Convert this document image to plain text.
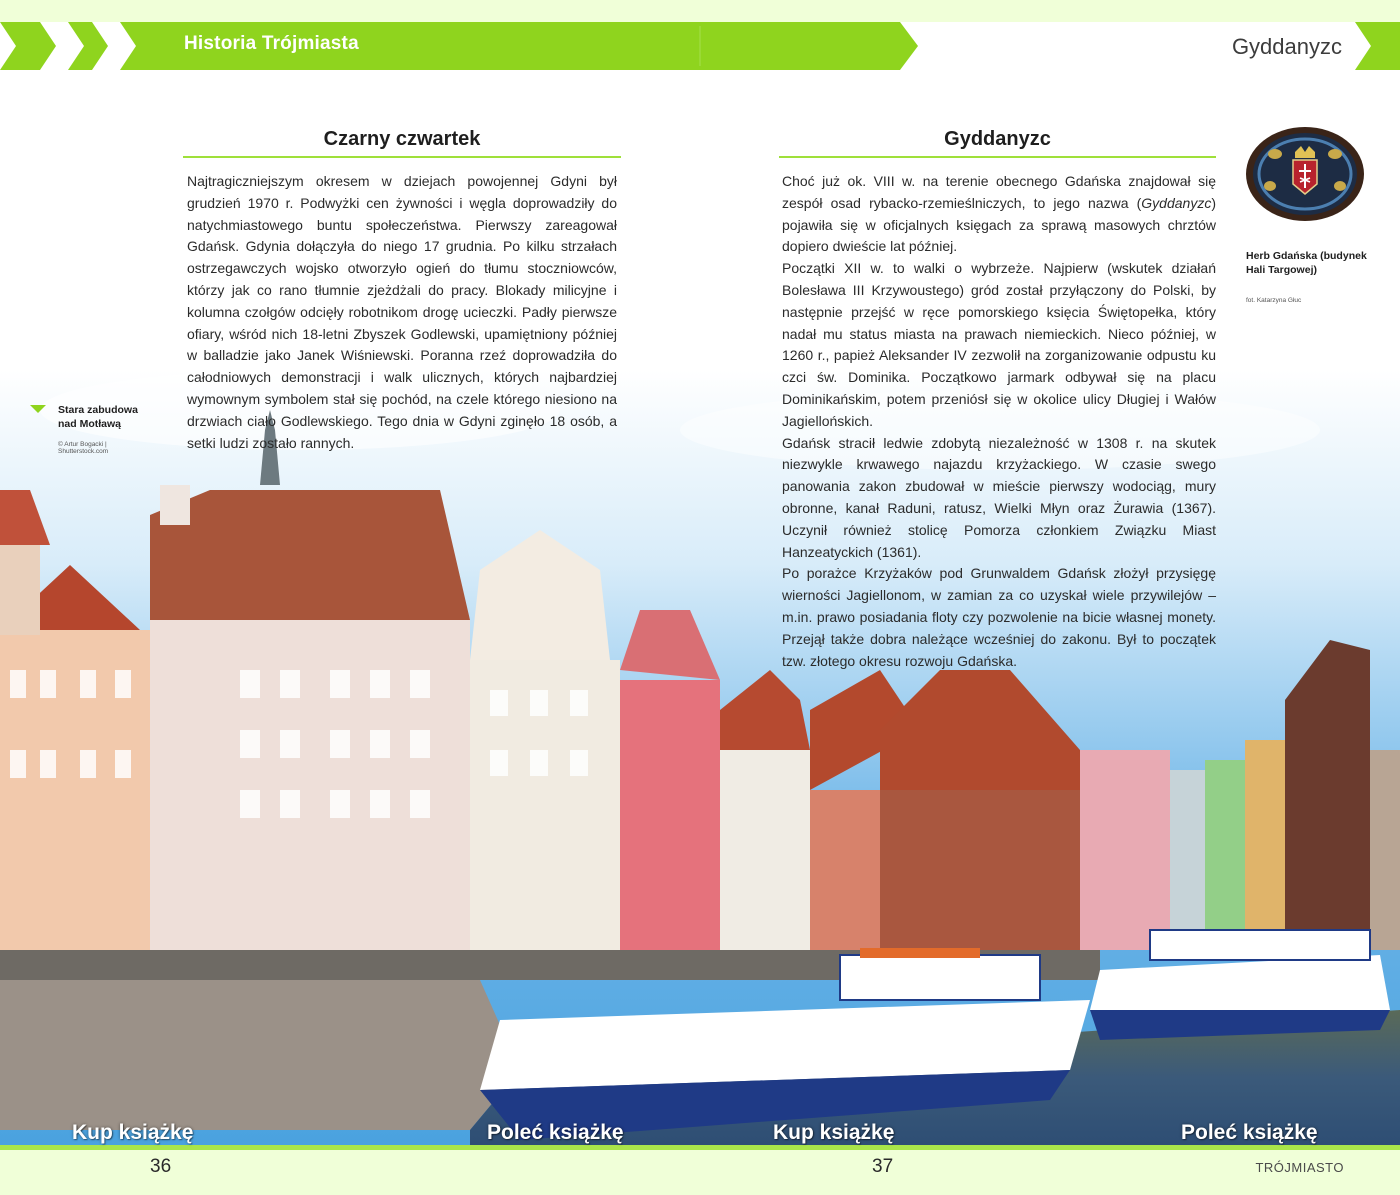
Historia Trójmiasta	Gyddanyzc
Czarny czwartek

Najtragiczniejszym okresem w dziejach powojennej Gdyni był grudzień 1970 r. Podwyżki cen żywności i węgla doprowadziły do natychmiastowego buntu społeczeństwa. Pierwszy zareagował Gdańsk. Gdynia dołączyła do niego 17 grudnia. Po kilku strzałach ostrzegawczych wojsko otworzyło ogień do tłumu stoczniowców, którzy jak co rano tłumnie zjeżdżali do pracy. Blokady milicyjne i kolumna czołgów odcięły robotnikom drogę ucieczki. Padły pierwsze ofiary, wśród nich 18-letni Zbyszek Godlewski, upamiętniony później w balladzie jako Janek Wiśniewski. Poranna rzeź doprowadziła do całodniowych demonstracji i walk ulicznych, których najbardziej wymownym symbolem stał się pochód, na czele którego niesiono na drzwiach ciało Godlewskiego. Tego dnia w Gdyni zginęło 18 osób, a setki ludzi zostało rannych.

Gyddanyzc

Choć już ok. VIII w. na terenie obecnego Gdańska znajdował się zespół osad rybacko-rzemieślniczych, to jego nazwa (Gyddanyzc) pojawiła się w oficjalnych księgach za sprawą masowych chrztów dopiero dwieście lat później.

Początki XII w. to walki o wybrzeże. Najpierw (wskutek działań Bolesława III Krzywoustego) gród został przyłączony do Polski, by następnie przejść w ręce pomorskiego księcia Świętopełka, który nadał mu status miasta na prawach niemieckich. Nieco później, w 1260 r., papież Aleksander IV zezwolił na zorganizowanie odpustu ku czci św. Dominika. Początkowo jarmark odbywał się na placu Dominikańskim, potem przeniósł się w okolice ulicy Długiej i Wałów Jagiellońskich.

Gdańsk stracił ledwie zdobytą niezależność w 1308 r. na skutek niezwykle krwawego najazdu krzyżackiego. W czasie swego panowania zakon zbudował w mieście pierwszy wodociąg, mury obronne, kanał Raduni, ratusz, Wielki Młyn oraz Żurawia (1367). Uczynił również stolicę Pomorza członkiem Związku Miast Hanzeatyckich (1361).

Po porażce Krzyżaków pod Grunwaldem Gdańsk złożył przysięgę wierności Jagiellonom, w zamian za co uzyskał wiele przywilejów – m.in. prawo posiadania floty czy pozwolenie na bicie własnej monety. Przejął także dobra należące wcześniej do zakonu. Był to początek tzw. złotego okresu rozwoju Gdańska.

Stara zabudowa nad Motławą
© Artur Bogacki | Shutterstock.com
Herb Gdańska (budynek Hali Targowej)
fot. Katarzyna Głuc
Kup książkę	Poleć książkę	Kup książkę	Poleć książkę
36	37	TRÓJMIASTO
